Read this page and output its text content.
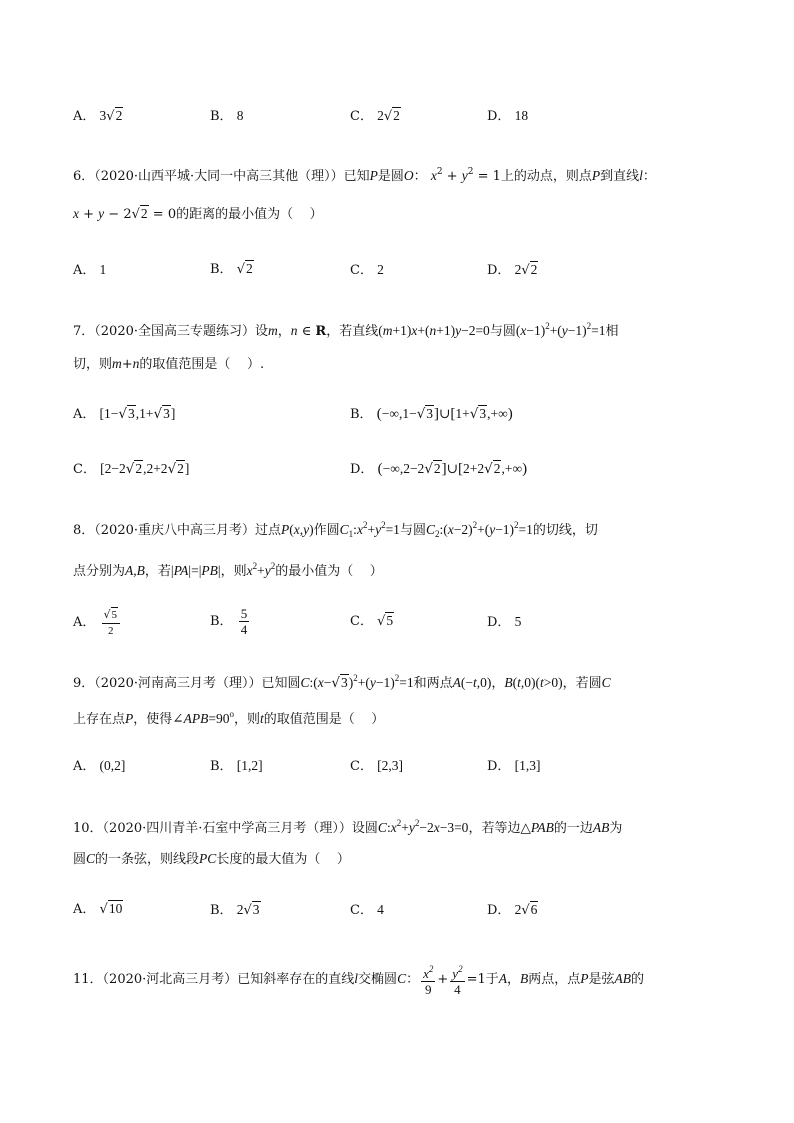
A． 3√2	B． 8	C． 2√2	D． 18
6．（2020·山西平城·大同一中高三其他（理））已知P是圆O： $x^2 + y^2 = 1$上的动点，则点P到直线l：
x + y − 2√2 = 0的距离的最小值为（    ）
A． 1	B． √2	C． 2	D． 2√2
7．（2020·全国高三专题练习）设m，n ∈ R，若直线(m+1)x+(n+1)y−2=0与圆$(x-1)^2+(y-1)^2=1$相
切，则m+n的取值范围是（    ）.
A． [1−√3,1+√3]	B． (−∞,1−√3]∪[1+√3,+∞)
C． [2−2√2,2+2√2]	D． (−∞,2−2√2]∪[2+2√2,+∞)
8．（2020·重庆八中高三月考）过点P(x,y)作圆$C_1:x^2+y^2=1$与圆$C_2:(x-2)^2+(y-1)^2=1$的切线，切
点分别为A,B，若|PA|=|PB|，则$x^2+y^2$的最小值为（    ）
A． $\frac{√5}{2}$	B． $\frac{5}{4}$	C． √5	D． 5
9．（2020·河南高三月考（理））已知圆$C:(x-√3)^2+(y-1)^2=1$和两点A(−t,0)，B(t,0)(t>0)，若圆C
上存在点P，使得$\angle APB=90^o$，则t的取值范围是（    ）
A． (0,2]	B． [1,2]	C． [2,3]	D． [1,3]
10．（2020·四川青羊·石室中学高三月考（理））设圆$C:x^2+y^2-2x-3=0$，若等边△PAB的一边AB为
圆C的一条弦，则线段PC长度的最大值为（    ）
A． √10	B． 2√3	C． 4	D． 2√6
11．（2020·河北高三月考）已知斜率存在的直线l交椭圆C： $\frac{x^2}{9} + \frac{y^2}{4} =1$于A，B两点，点P是弦AB的
